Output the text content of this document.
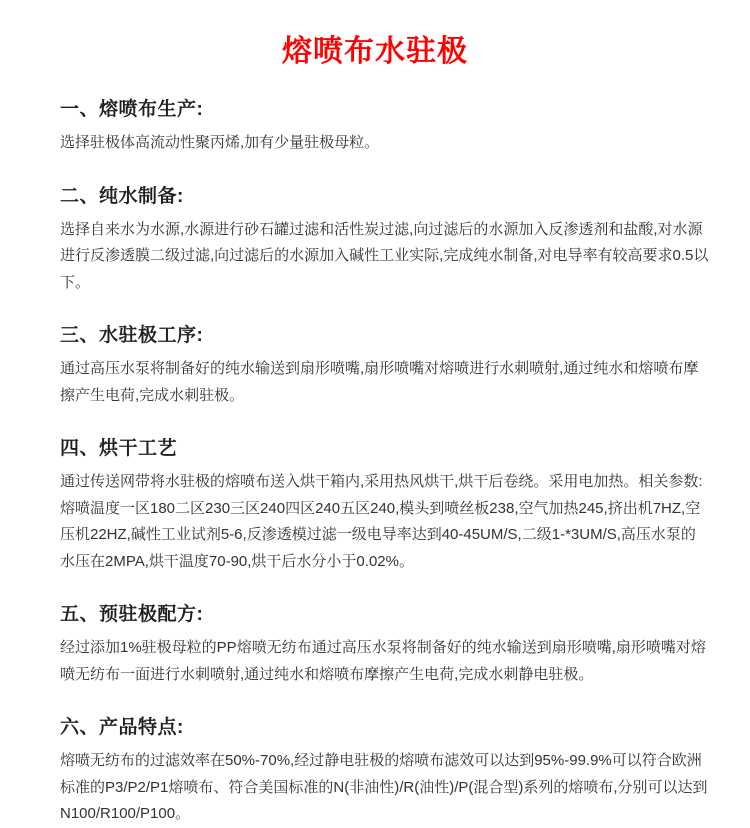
熔喷布水驻极
一、熔喷布生产:

选择驻极体高流动性聚丙烯,加有少量驻极母粒。

二、纯水制备:

选择自来水为水源,水源进行砂石罐过滤和活性炭过滤,向过滤后的水源加入反渗透剂和盐酸,对水源进行反渗透膜二级过滤,向过滤后的水源加入碱性工业实际,完成纯水制备,对电导率有较高要求0.5以下。

三、水驻极工序:

通过高压水泵将制备好的纯水输送到扇形喷嘴,扇形喷嘴对熔喷进行水刺喷射,通过纯水和熔喷布摩擦产生电荷,完成水刺驻极。

四、烘干工艺

通过传送网带将水驻极的熔喷布送入烘干箱内,采用热风烘干,烘干后卷绕。采用电加热。相关参数:熔喷温度一区180二区230三区240四区240五区240,模头到喷丝板238,空气加热245,挤出机7HZ,空压机22HZ,碱性工业试剂5-6,反渗透模过滤一级电导率达到40-45UM/S,二级1-*3UM/S,高压水泵的水压在2MPA,烘干温度70-90,烘干后水分小于0.02%。

五、预驻极配方:

经过添加1%驻极母粒的PP熔喷无纺布通过高压水泵将制备好的纯水输送到扇形喷嘴,扇形喷嘴对熔喷无纺布一面进行水刺喷射,通过纯水和熔喷布摩擦产生电荷,完成水刺静电驻极。

六、产品特点:

熔喷无纺布的过滤效率在50%-70%,经过静电驻极的熔喷布滤效可以达到95%-99.9%可以符合欧洲标准的P3/P2/P1熔喷布、符合美国标准的N(非油性)/R(油性)/P(混合型)系列的熔喷布,分别可以达到N100/R100/P100。
